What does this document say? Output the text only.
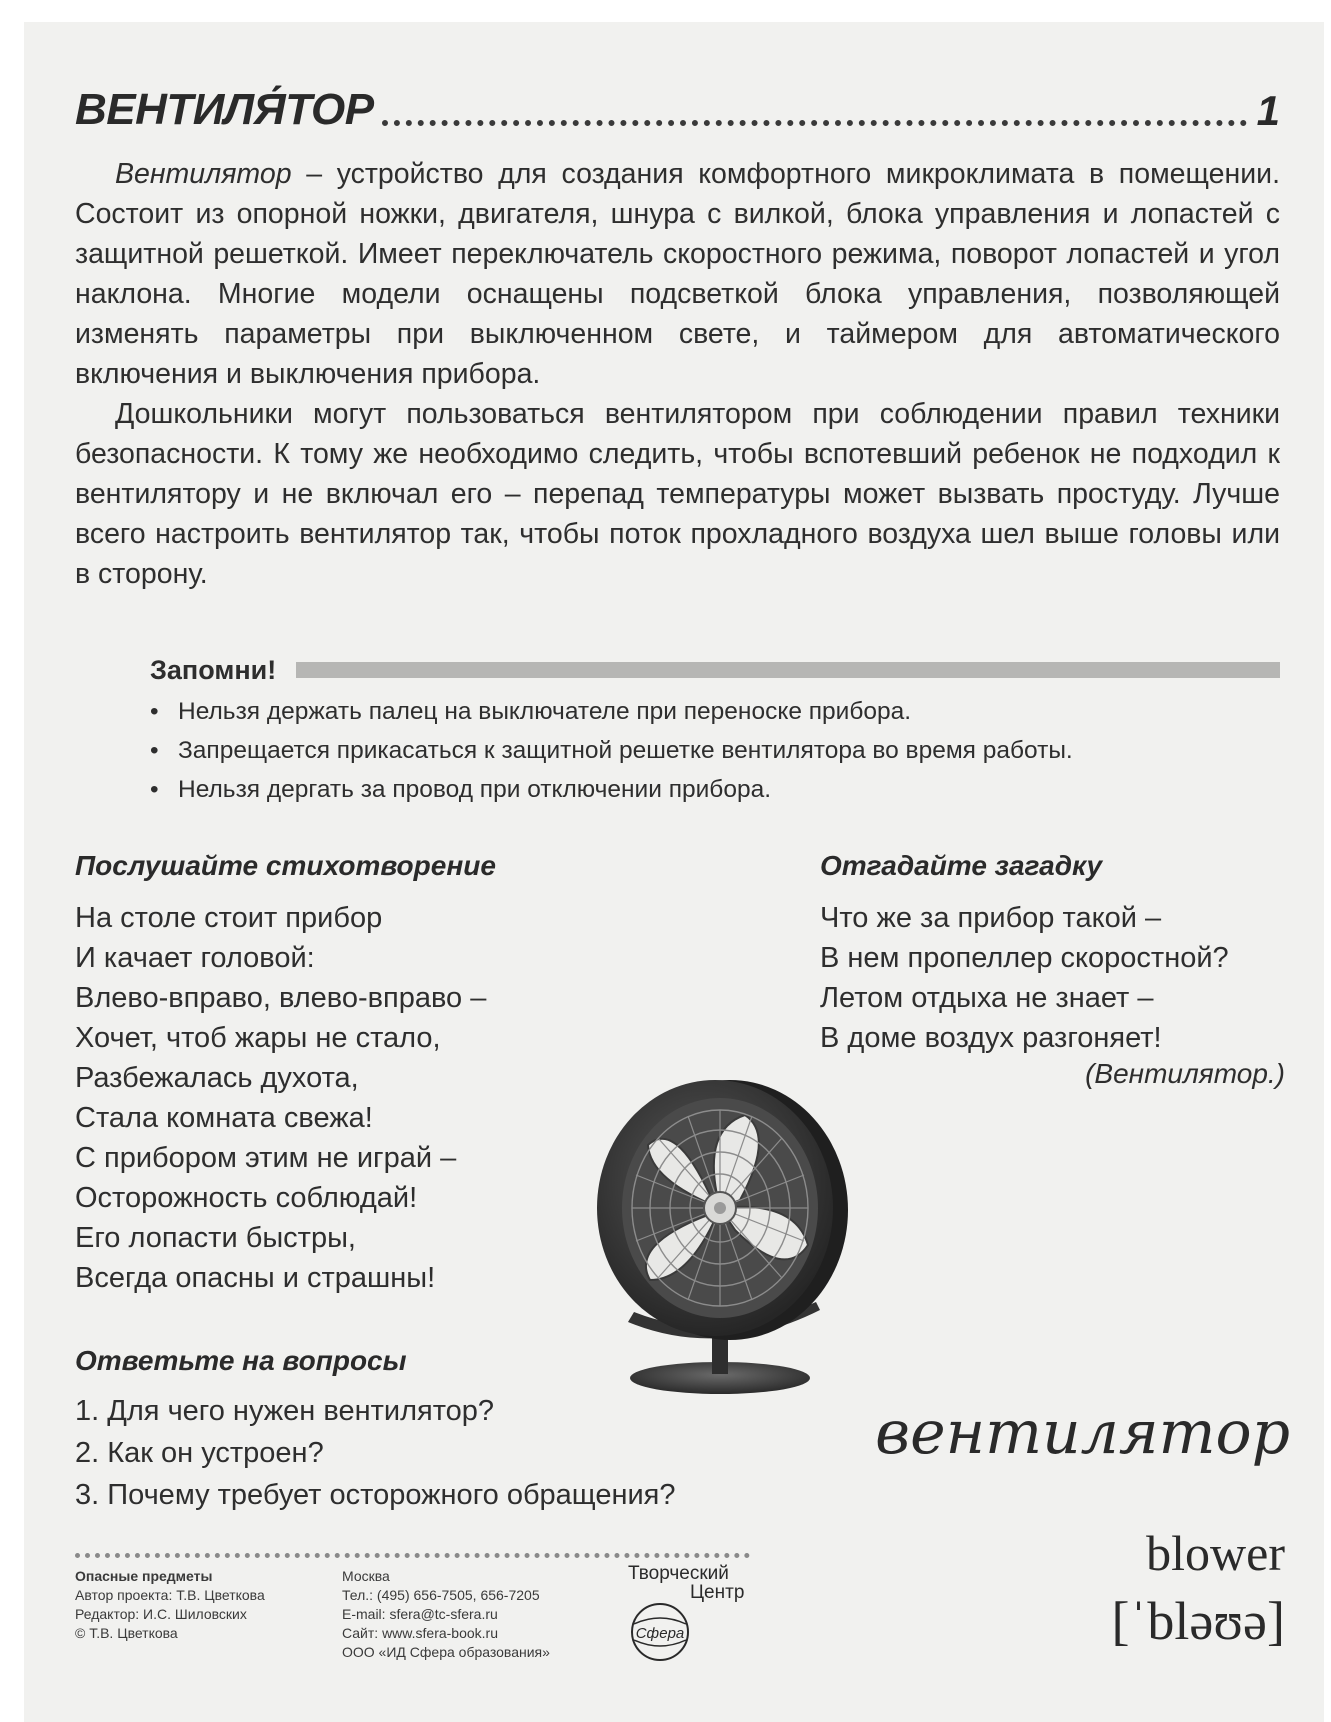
ВЕНТИЛЯ́ТОР	1

Вентилятор – устройство для создания комфортного микроклимата в помещении. Состоит из опорной ножки, двигателя, шнура с вилкой, блока управления и лопастей с защитной решеткой. Имеет переключатель скоростного режима, поворот лопастей и угол наклона. Многие модели оснащены подсветкой блока управления, позволяющей изменять параметры при выключенном свете, и таймером для автоматического включения и выключения прибора.

Дошкольники могут пользоваться вентилятором при соблюдении правил техники безопасности. К тому же необходимо следить, чтобы вспотевший ребенок не подходил к вентилятору и не включал его – перепад температуры может вызвать простуду. Лучше всего настроить вентилятор так, чтобы поток прохладного воздуха шел выше головы или в сторону.

Запомни!
• Нельзя держать палец на выключателе при переноске прибора.
• Запрещается прикасаться к защитной решетке вентилятора во время работы.
• Нельзя дергать за провод при отключении прибора.
Послушайте стихотворение
На столе стоит прибор
И качает головой:
Влево-вправо, влево-вправо –
Хочет, чтоб жары не стало,
Разбежалась духота,
Стала комната свежа!
С прибором этим не играй –
Осторожность соблюдай!
Его лопасти быстры,
Всегда опасны и страшны!
Отгадайте загадку
Что же за прибор такой –
В нем пропеллер скоростной?
Летом отдыха не знает –
В доме воздух разгоняет!
(Вентилятор.)
Ответьте на вопросы
1. Для чего нужен вентилятор?
2. Как он устроен?
3. Почему требует осторожного обращения?
вентилятор
blower
[ˈbləʊə]
Опасные предметы
Автор проекта: Т.В. Цветкова
Редактор: И.С. Шиловских
© Т.В. Цветкова
Москва
Тел.: (495) 656-7505, 656-7205
E-mail: sfera@tc-sfera.ru
Сайт: www.sfera-book.ru
ООО «ИД Сфера образования»
Творческий
Центр
Сфера
